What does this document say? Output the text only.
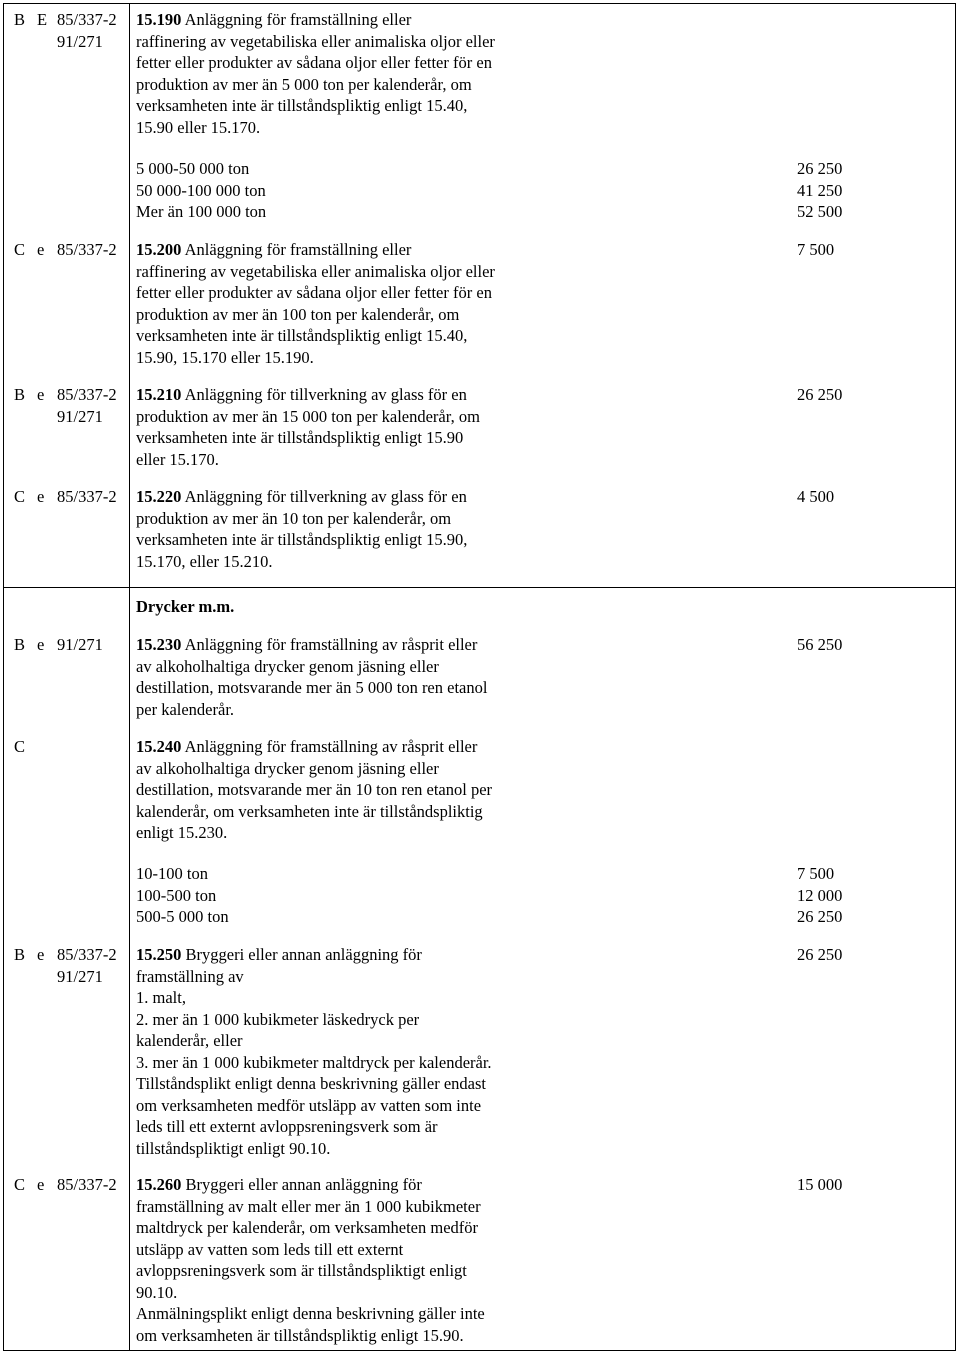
B E 85/337-2
91/271
15.190 Anläggning för framställning eller
raffinering av vegetabiliska eller animaliska oljor eller
fetter eller produkter av sådana oljor eller fetter för en
produktion av mer än 5 000 ton per kalenderår, om
verksamheten inte är tillståndspliktig enligt 15.40,
15.90 eller 15.170.
5 000-50 000 ton
50 000-100 000 ton
Mer än 100 000 ton
26 250
41 250
52 500
C e 85/337-2 15.200 Anläggning för framställning eller
raffinering av vegetabiliska eller animaliska oljor eller
fetter eller produkter av sådana oljor eller fetter för en
produktion av mer än 100 ton per kalenderår, om
verksamheten inte är tillståndspliktig enligt 15.40,
15.90, 15.170 eller 15.190.
7 500
B e 85/337-2
91/271
15.210 Anläggning för tillverkning av glass för en
produktion av mer än 15 000 ton per kalenderår, om
verksamheten inte är tillståndspliktig enligt 15.90
eller 15.170.
26 250
C e 85/337-2 15.220 Anläggning för tillverkning av glass för en
produktion av mer än 10 ton per kalenderår, om
verksamheten inte är tillståndspliktig enligt 15.90,
15.170, eller 15.210.
4 500
Drycker m.m.
B e 91/271 15.230 Anläggning för framställning av råsprit eller
av alkoholhaltiga drycker genom jäsning eller
destillation, motsvarande mer än 5 000 ton ren etanol
per kalenderår.
56 250
C	15.240 Anläggning för framställning av råsprit eller
av alkoholhaltiga drycker genom jäsning eller
destillation, motsvarande mer än 10 ton ren etanol per
kalenderår, om verksamheten inte är tillståndspliktig
enligt 15.230.
10-100 ton
100-500 ton
500-5 000 ton
7 500
12 000
26 250
B e 85/337-2
91/271
15.250 Bryggeri eller annan anläggning för
framställning av
1. malt,
2. mer än 1 000 kubikmeter läskedryck per
kalenderår, eller
3. mer än 1 000 kubikmeter maltdryck per kalenderår.
Tillståndsplikt enligt denna beskrivning gäller endast
om verksamheten medför utsläpp av vatten som inte
leds till ett externt avloppsreningsverk som är
tillståndspliktigt enligt 90.10.
26 250
C e 85/337-2 15.260 Bryggeri eller annan anläggning för
framställning av malt eller mer än 1 000 kubikmeter
maltdryck per kalenderår, om verksamheten medför
utsläpp av vatten som leds till ett externt
avloppsreningsverk som är tillståndspliktigt enligt
90.10.
Anmälningsplikt enligt denna beskrivning gäller inte
om verksamheten är tillståndspliktig enligt 15.90.
15 000
